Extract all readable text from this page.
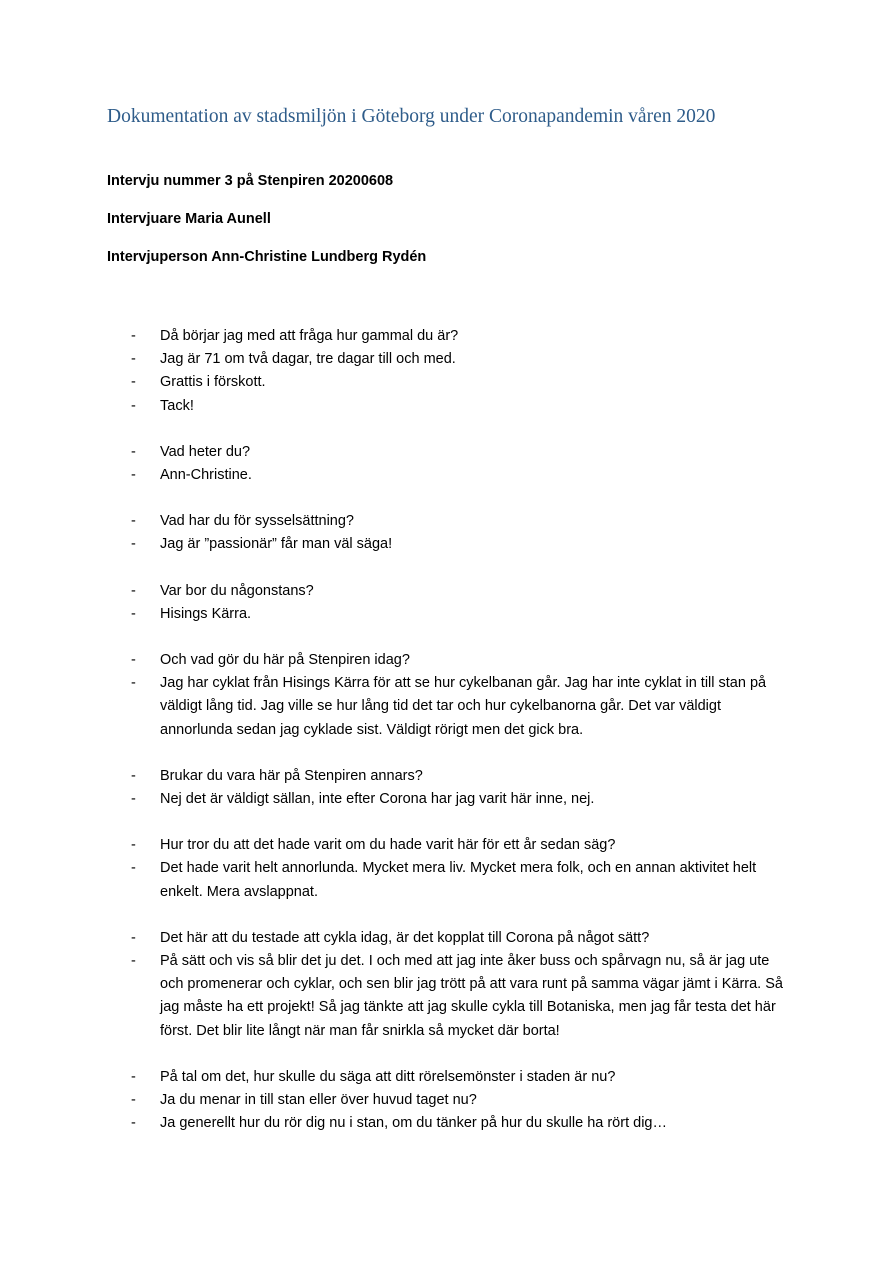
Dokumentation av stadsmiljön i Göteborg under Coronapandemin våren 2020

Intervju nummer 3 på Stenpiren 20200608

Intervjuare Maria Aunell

Intervjuperson Ann-Christine Lundberg Rydén

- Då börjar jag med att fråga hur gammal du är?
- Jag är 71 om två dagar, tre dagar till och med.
- Grattis i förskott.
- Tack!
- Vad heter du?
- Ann-Christine.
- Vad har du för sysselsättning?
- Jag är ”passionär” får man väl säga!
- Var bor du någonstans?
- Hisings Kärra.
- Och vad gör du här på Stenpiren idag?
- Jag har cyklat från Hisings Kärra för att se hur cykelbanan går. Jag har inte cyklat in till stan på väldigt lång tid. Jag ville se hur lång tid det tar och hur cykelbanorna går. Det var väldigt annorlunda sedan jag cyklade sist. Väldigt rörigt men det gick bra.
- Brukar du vara här på Stenpiren annars?
- Nej det är väldigt sällan, inte efter Corona har jag varit här inne, nej.
- Hur tror du att det hade varit om du hade varit här för ett år sedan säg?
- Det hade varit helt annorlunda. Mycket mera liv. Mycket mera folk, och en annan aktivitet helt enkelt. Mera avslappnat.
- Det här att du testade att cykla idag, är det kopplat till Corona på något sätt?
- På sätt och vis så blir det ju det. I och med att jag inte åker buss och spårvagn nu, så är jag ute och promenerar och cyklar, och sen blir jag trött på att vara runt på samma vägar jämt i Kärra. Så jag måste ha ett projekt! Så jag tänkte att jag skulle cykla till Botaniska, men jag får testa det här först. Det blir lite långt när man får snirkla så mycket där borta!
- På tal om det, hur skulle du säga att ditt rörelsemönster i staden är nu?
- Ja du menar in till stan eller över huvud taget nu?
- Ja generellt hur du rör dig nu i stan, om du tänker på hur du skulle ha rört dig…
